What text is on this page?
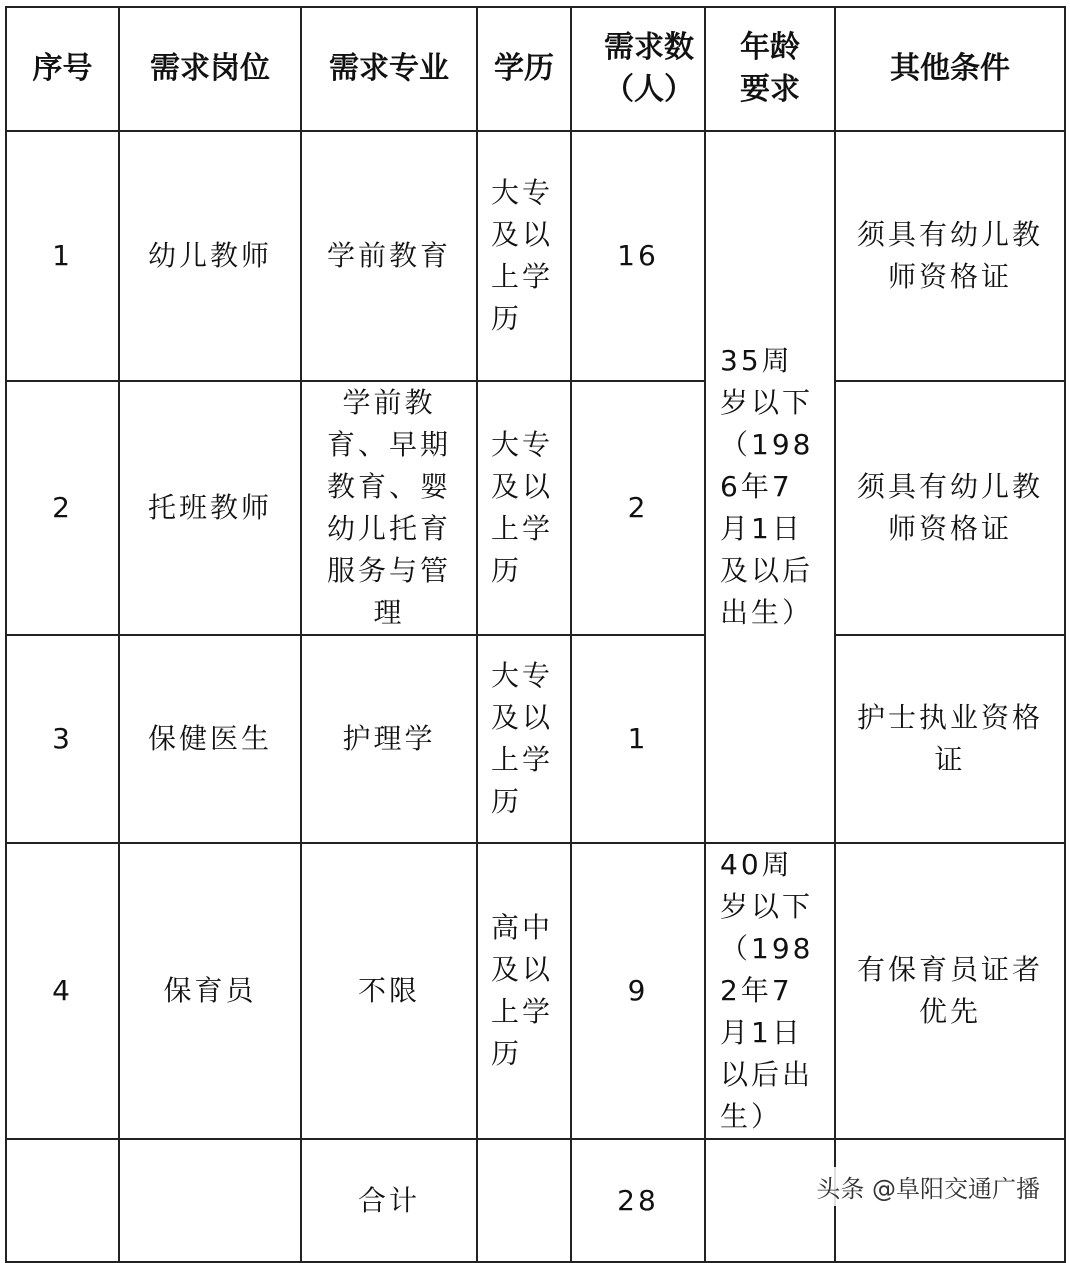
序号	需求岗位	需求专业	学历	需求数（人）	年龄要求	其他条件
1	幼儿教师	学前教育	大专及以上学历	16	35周岁以下（1986年7月1日及以后出生）	须具有幼儿教师资格证
2	托班教师	学前教育、早期教育、婴幼儿托育服务与管理	大专及以上学历	2		须具有幼儿教师资格证
3	保健医生	护理学	大专及以上学历	1		护士执业资格证
4	保育员	不限	高中及以上学历	9	40周岁以下（1982年7月1日以后出生）	有保育员证者优先
		合计		28			头条 @阜阳交通广播
